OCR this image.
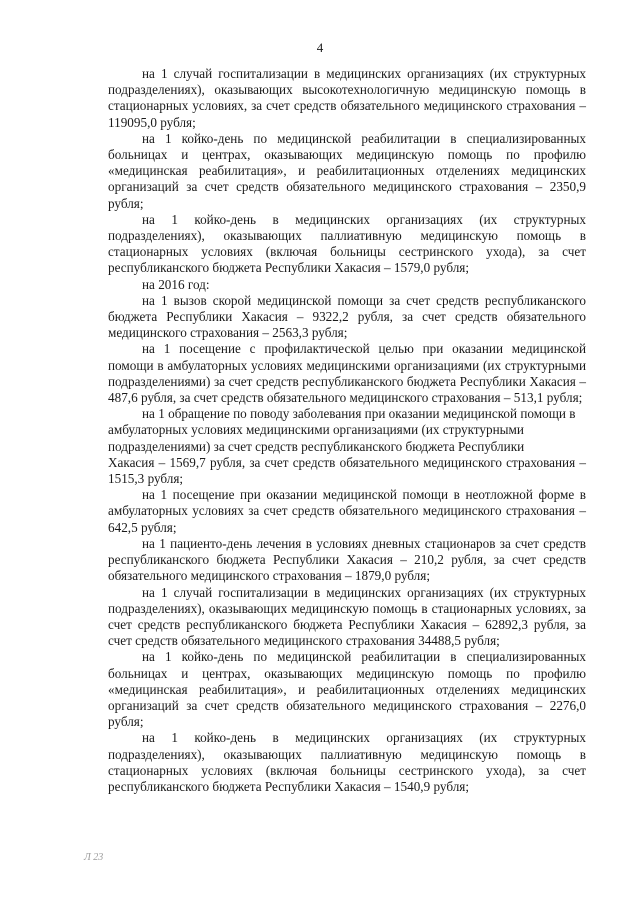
4

на 1 случай госпитализации в медицинских организациях (их структурных подразделениях), оказывающих высокотехнологичную медицинскую помощь в стационарных условиях, за счет средств обязательного медицинского страхования – 119095,0 рубля;

на 1 койко-день по медицинской реабилитации в специализированных больницах и центрах, оказывающих медицинскую помощь по профилю «медицинская реабилитация», и реабилитационных отделениях медицинских организаций за счет средств обязательного медицинского страхования – 2350,9 рубля;

на 1 койко-день в медицинских организациях (их структурных подразделениях), оказывающих паллиативную медицинскую помощь в стационарных условиях (включая больницы сестринского ухода), за счет республиканского бюджета Республики Хакасия – 1579,0 рубля;

на 2016 год:

на 1 вызов скорой медицинской помощи за счет средств республиканского бюджета Республики Хакасия – 9322,2 рубля, за счет средств обязательного медицинского страхования – 2563,3 рубля;

на 1 посещение с профилактической целью при оказании медицинской помощи в амбулаторных условиях медицинскими организациями (их структурными подразделениями) за счет средств республиканского бюджета Республики Хакасия – 487,6 рубля, за счет средств обязательного медицинского страхования – 513,1 рубля;

на 1 обращение по поводу заболевания при оказании медицинской помощи в амбулаторных условиях медицинскими организациями (их структурными подразделениями) за счет средств республиканского бюджета Республики

Хакасия – 1569,7 рубля, за счет средств обязательного медицинского страхования – 1515,3 рубля;

на 1 посещение при оказании медицинской помощи в неотложной форме в амбулаторных условиях за счет средств обязательного медицинского страхования – 642,5 рубля;

на 1 пациенто-день лечения в условиях дневных стационаров за счет средств республиканского бюджета Республики Хакасия – 210,2 рубля, за счет средств обязательного медицинского страхования – 1879,0 рубля;

на 1 случай госпитализации в медицинских организациях (их структурных подразделениях), оказывающих медицинскую помощь в стационарных условиях, за счет средств республиканского бюджета Республики Хакасия – 62892,3 рубля, за счет средств обязательного медицинского страхования 34488,5 рубля;

на 1 койко-день по медицинской реабилитации в специализированных больницах и центрах, оказывающих медицинскую помощь по профилю «медицинская реабилитация», и реабилитационных отделениях медицинских организаций за счет средств обязательного медицинского страхования – 2276,0 рубля;

на 1 койко-день в медицинских организациях (их структурных подразделениях), оказывающих паллиативную медицинскую помощь в стационарных условиях (включая больницы сестринского ухода), за счет республиканского бюджета Республики Хакасия – 1540,9 рубля;

Л 23
